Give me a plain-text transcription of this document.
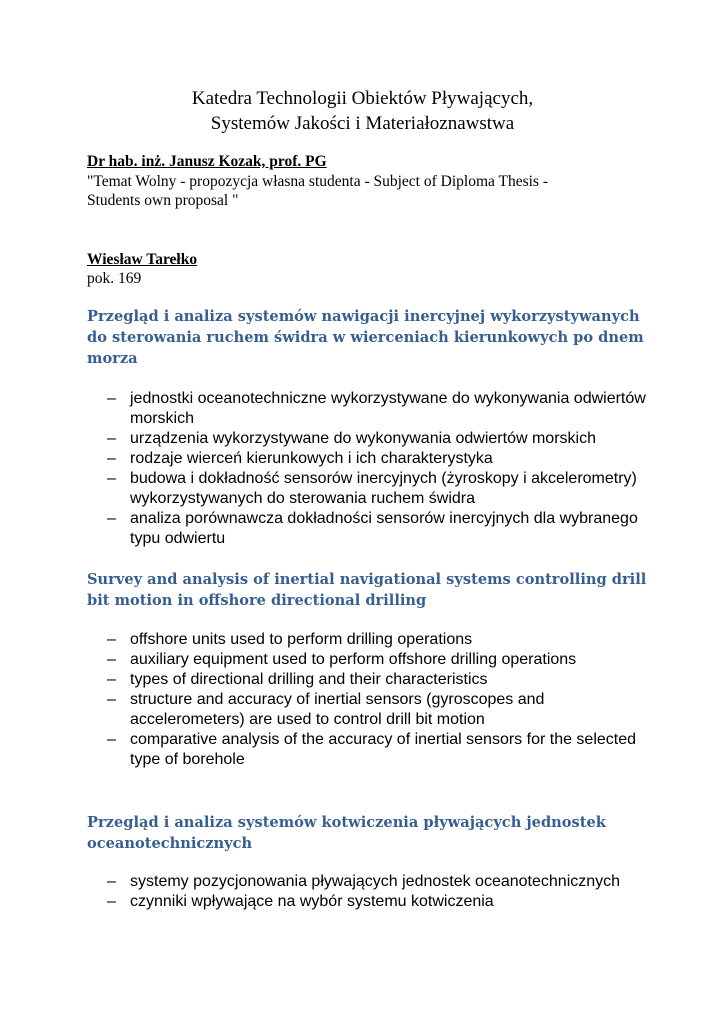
Katedra Technologii Obiektów Pływających,
Systemów Jakości i Materiałoznawstwa
Dr hab. inż. Janusz Kozak, prof. PG
"Temat Wolny - propozycja własna studenta - Subject of Diploma Thesis -
Students own proposal "
Wiesław Tarełko
pok. 169
Przegląd i analiza systemów nawigacji inercyjnej wykorzystywanych do sterowania ruchem świdra w wierceniach kierunkowych po dnem morza
– jednostki oceanotechniczne wykorzystywane do wykonywania odwiertów morskich
– urządzenia wykorzystywane do wykonywania odwiertów morskich
– rodzaje wierceń kierunkowych i ich charakterystyka
– budowa i dokładność sensorów inercyjnych (żyroskopy i akcelerometry) wykorzystywanych do sterowania ruchem świdra
– analiza porównawcza dokładności sensorów inercyjnych dla wybranego typu odwiertu
Survey and analysis of inertial navigational systems controlling drill bit motion in offshore directional drilling
– offshore units used to perform drilling operations
– auxiliary equipment used to perform offshore drilling operations
– types of directional drilling and their characteristics
– structure and accuracy of inertial sensors (gyroscopes and accelerometers) are used to control drill bit motion
– comparative analysis of the accuracy of inertial sensors for the selected type of borehole
Przegląd i analiza systemów kotwiczenia pływających jednostek oceanotechnicznych
– systemy pozycjonowania pływających jednostek oceanotechnicznych
– czynniki wpływające na wybór systemu kotwiczenia
